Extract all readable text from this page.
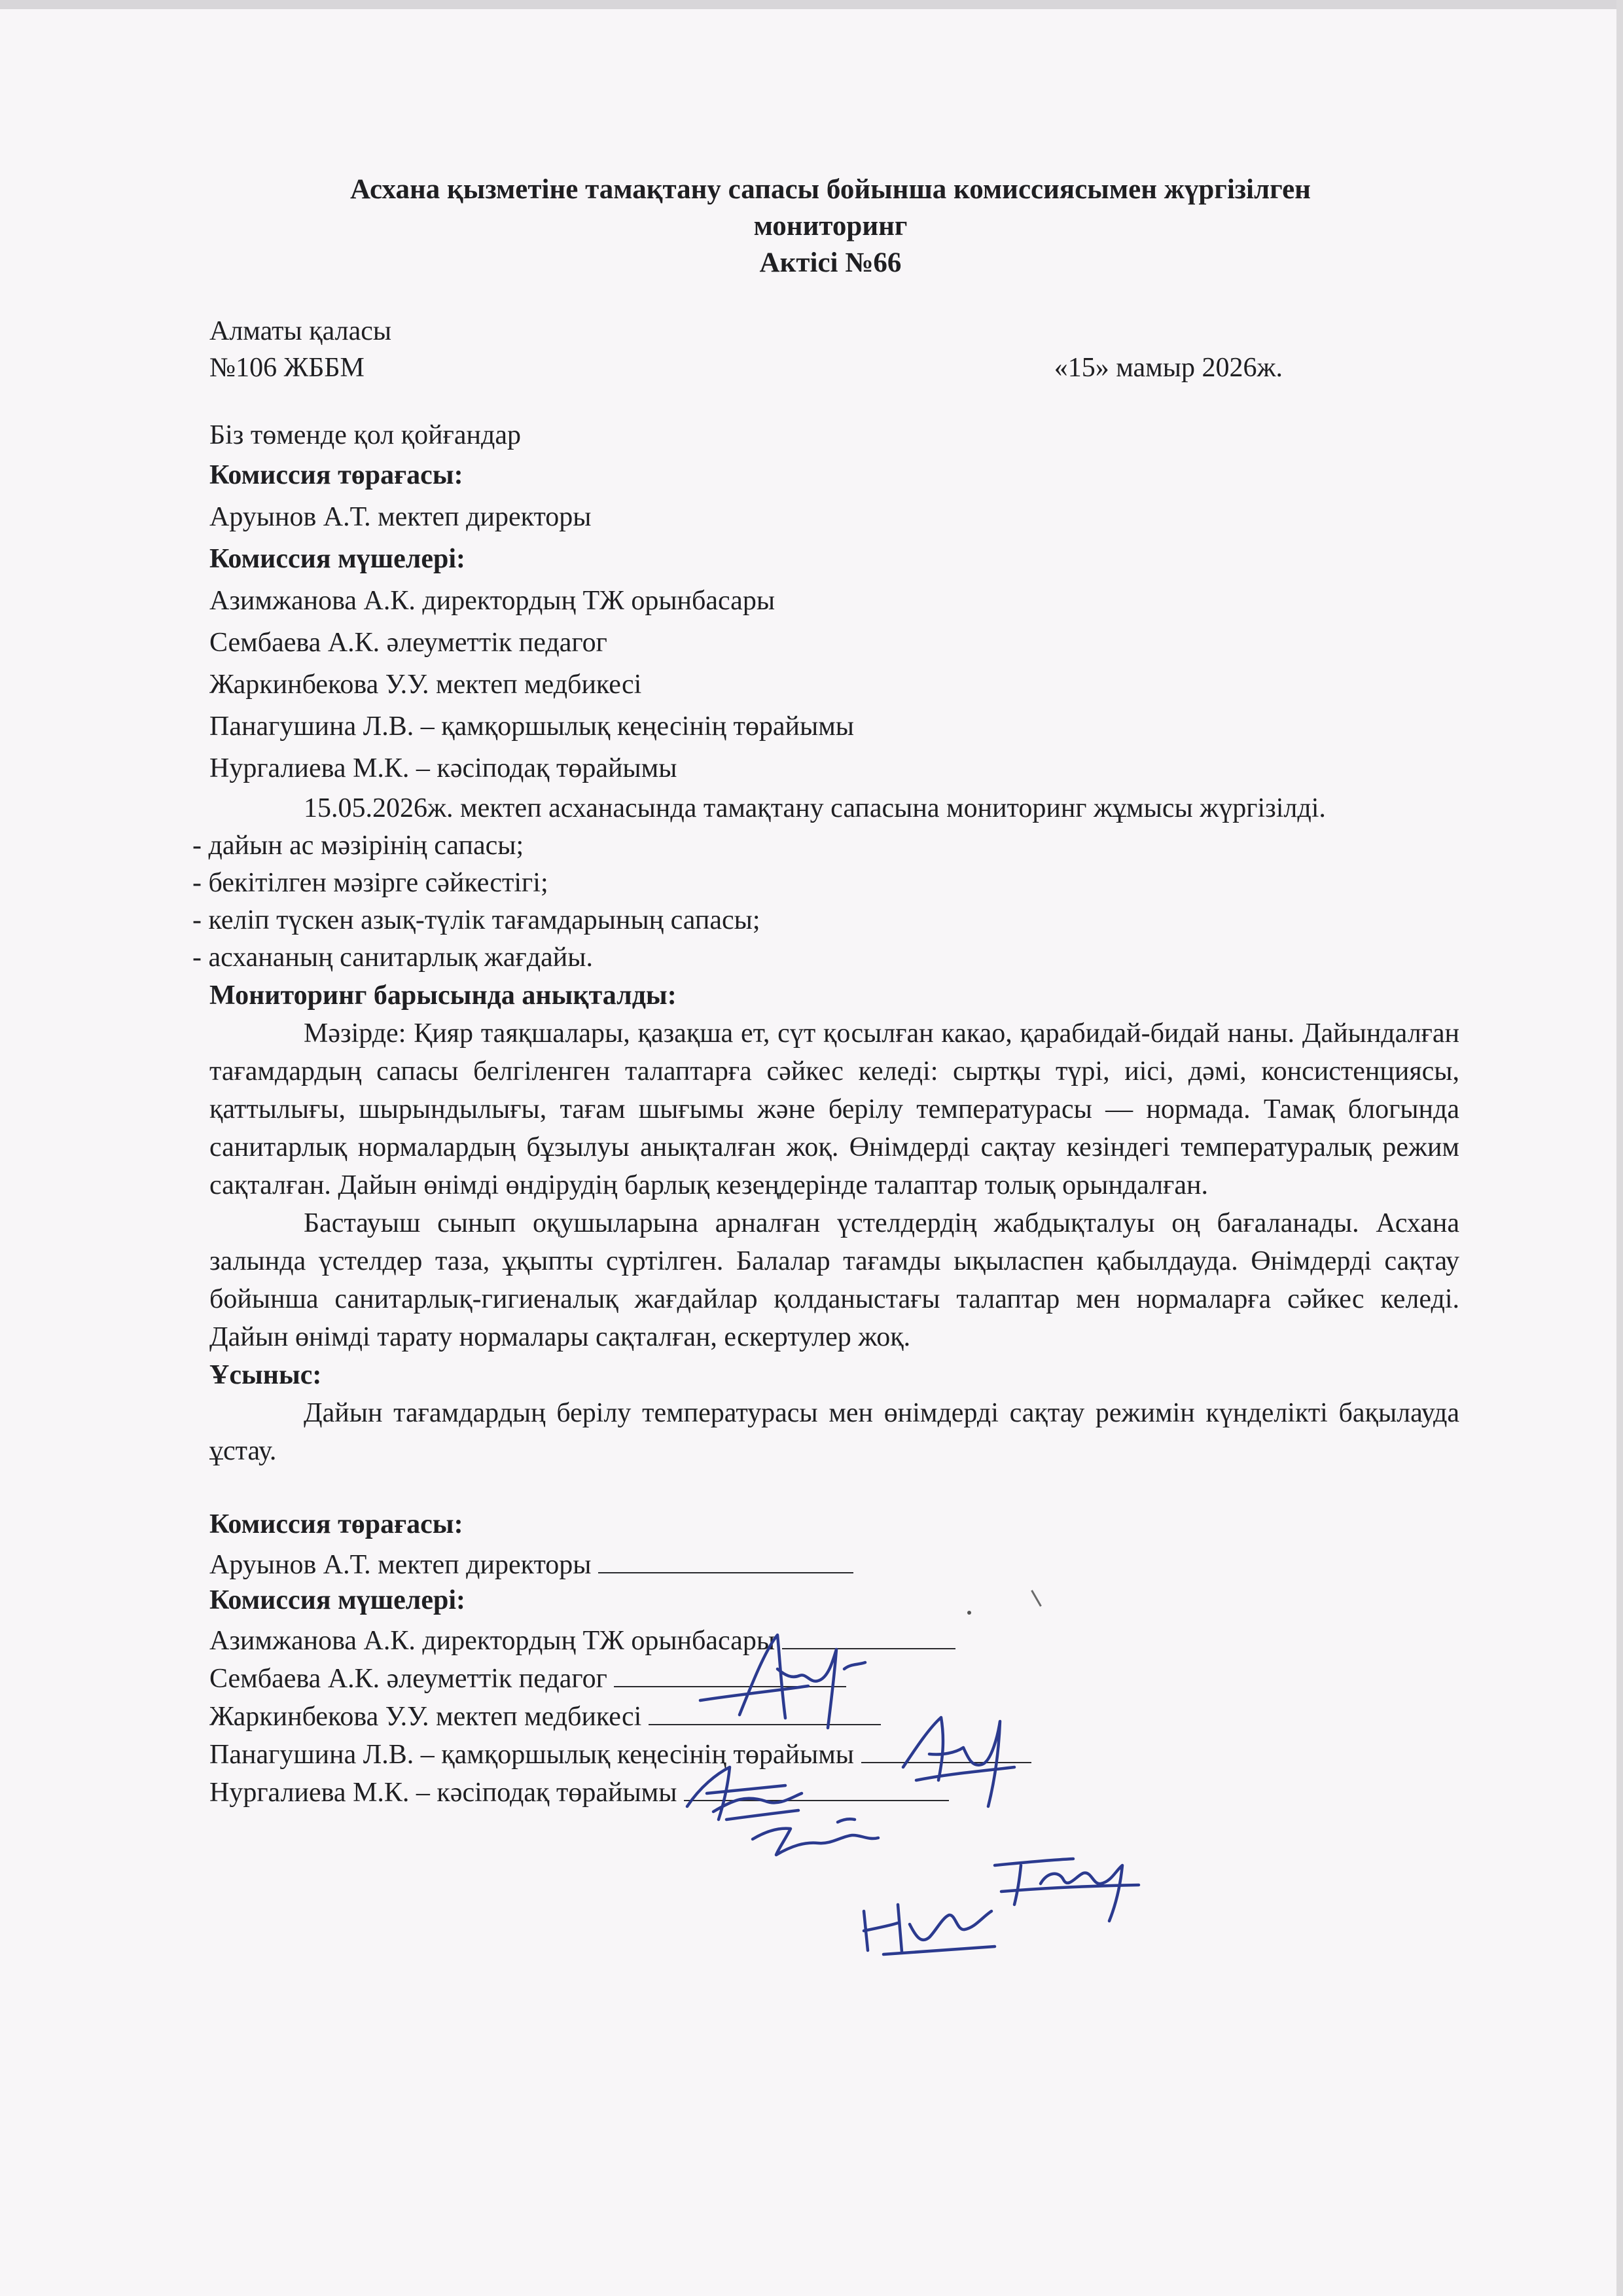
Асхана қызметіне тамақтану сапасы бойынша комиссиясымен жүргізілген
мониторинг
Актісі №66
Алматы қаласы
№106 ЖББМ	«15» мамыр 2026ж.
Біз төменде қол қойғандар
Комиссия төрағасы:
Аруынов А.Т. мектеп директоры
Комиссия мүшелері:
Азимжанова А.К. директордың ТЖ орынбасары
Сембаева А.К. әлеуметтік педагог
Жаркинбекова У.У. мектеп медбикесі
Панагушина Л.В. – қамқоршылық кеңесінің төрайымы
Нургалиева М.К. – кәсіподақ төрайымы
15.05.2026ж. мектеп асханасында тамақтану сапасына мониторинг жұмысы жүргізілді.
- дайын ас мәзірінің сапасы;
- бекітілген мәзірге сәйкестігі;
- келіп түскен азық-түлік тағамдарының сапасы;
- асхананың санитарлық жағдайы.
Мониторинг барысында анықталды:
Мәзірде: Қияр таяқшалары, қазақша ет, сүт қосылған какао, қарабидай-бидай наны. Дайындалған тағамдардың сапасы белгіленген талаптарға сәйкес келеді: сыртқы түрі, иісі, дәмі, консистенциясы, қаттылығы, шырындылығы, тағам шығымы және берілу температурасы — нормада. Тамақ блогында санитарлық нормалардың бұзылуы анықталған жоқ. Өнімдерді сақтау кезіндегі температуралық режим сақталған. Дайын өнімді өндірудің барлық кезеңдерінде талаптар толық орындалған.
Бастауыш сынып оқушыларына арналған үстелдердің жабдықталуы оң бағаланады. Асхана залында үстелдер таза, ұқыпты сүртілген. Балалар тағамды ықыласпен қабылдауда. Өнімдерді сақтау бойынша санитарлық-гигиеналық жағдайлар қолданыстағы талаптар мен нормаларға сәйкес келеді. Дайын өнімді тарату нормалары сақталған, ескертулер жоқ.
Ұсыныс:
Дайын тағамдардың берілу температурасы мен өнімдерді сақтау режимін күнделікті бақылауда ұстау.
Комиссия төрағасы:
Аруынов А.Т. мектеп директоры
Комиссия мүшелері:
Азимжанова А.К. директордың ТЖ орынбасары
Сембаева А.К. әлеуметтік педагог
Жаркинбекова У.У. мектеп медбикесі
Панагушина Л.В. – қамқоршылық кеңесінің төрайымы
Нургалиева М.К. – кәсіподақ төрайымы
